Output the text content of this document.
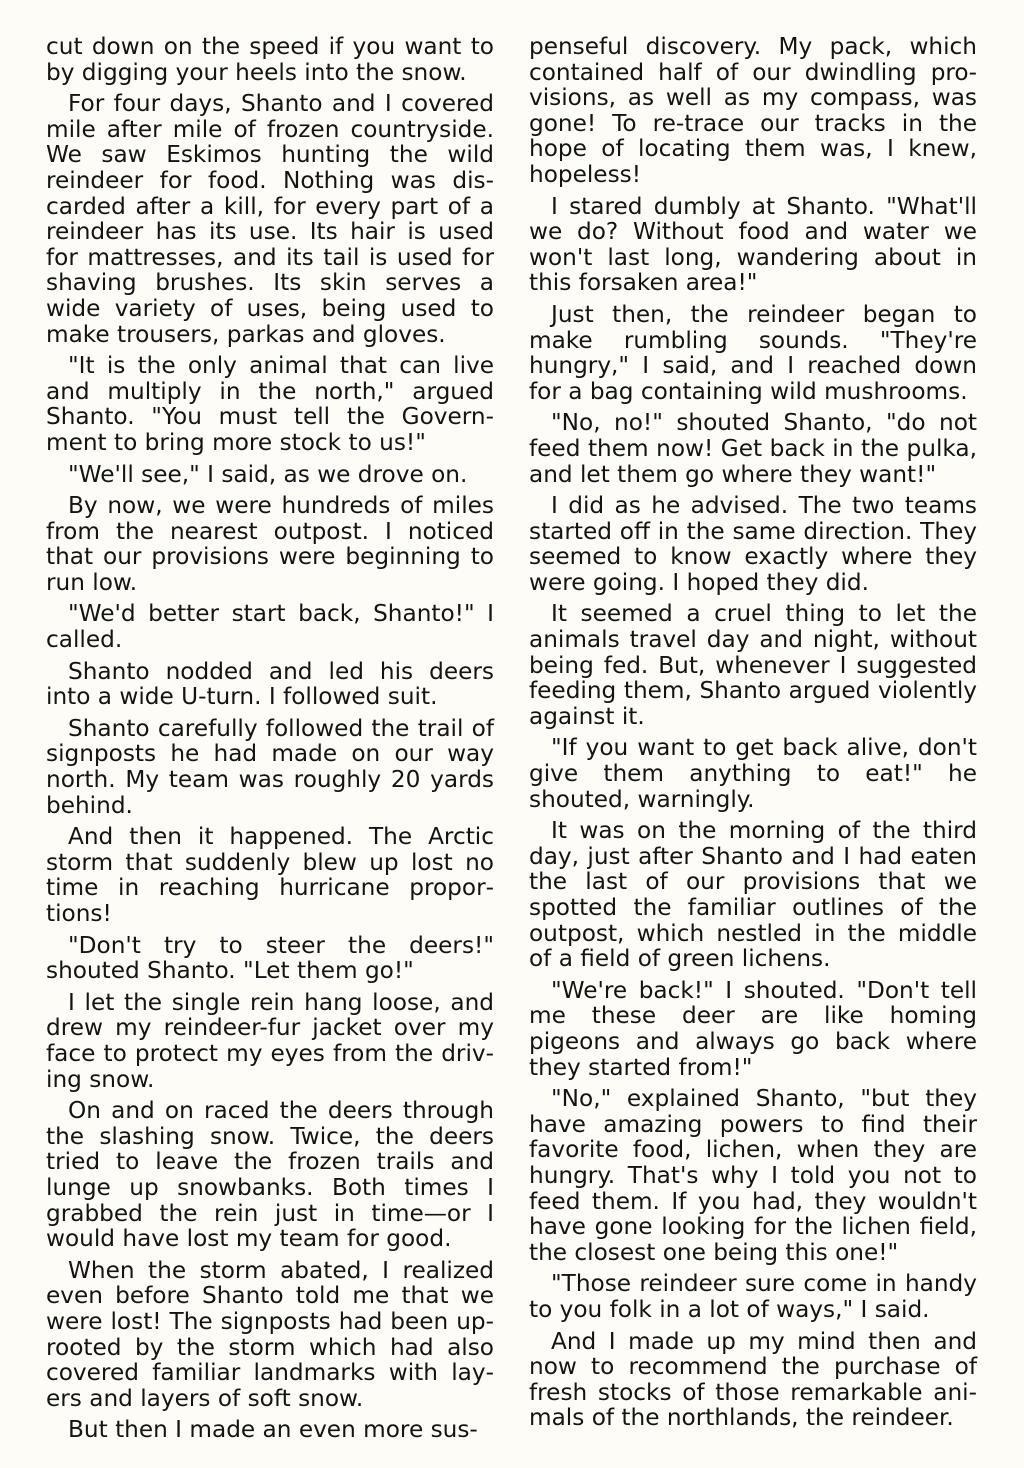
cut down on the speed if you want to by digging your heels into the snow.

For four days, Shanto and I covered mile after mile of frozen countryside. We saw Eskimos hunting the wild reindeer for food. Nothing was discarded after a kill, for every part of a reindeer has its use. Its hair is used for mattresses, and its tail is used for shaving brushes. Its skin serves a wide variety of uses, being used to make trousers, parkas and gloves.

"It is the only animal that can live and multiply in the north," argued Shanto. "You must tell the Government to bring more stock to us!"

"We'll see," I said, as we drove on.

By now, we were hundreds of miles from the nearest outpost. I noticed that our provisions were beginning to run low.

"We'd better start back, Shanto!" I called.

Shanto nodded and led his deers into a wide U-turn. I followed suit.

Shanto carefully followed the trail of signposts he had made on our way north. My team was roughly 20 yards behind.

And then it happened. The Arctic storm that suddenly blew up lost no time in reaching hurricane proportions!

"Don't try to steer the deers!" shouted Shanto. "Let them go!"

I let the single rein hang loose, and drew my reindeer-fur jacket over my face to protect my eyes from the driving snow.

On and on raced the deers through the slashing snow. Twice, the deers tried to leave the frozen trails and lunge up snowbanks. Both times I grabbed the rein just in time—or I would have lost my team for good.

When the storm abated, I realized even before Shanto told me that we were lost! The signposts had been uprooted by the storm which had also covered familiar landmarks with layers and layers of soft snow.

But then I made an even more sus-

penseful discovery. My pack, which contained half of our dwindling provisions, as well as my compass, was gone! To re-trace our tracks in the hope of locating them was, I knew, hopeless!

I stared dumbly at Shanto. "What'll we do? Without food and water we won't last long, wandering about in this forsaken area!"

Just then, the reindeer began to make rumbling sounds. "They're hungry," I said, and I reached down for a bag containing wild mushrooms.

"No, no!" shouted Shanto, "do not feed them now! Get back in the pulka, and let them go where they want!"

I did as he advised. The two teams started off in the same direction. They seemed to know exactly where they were going. I hoped they did.

It seemed a cruel thing to let the animals travel day and night, without being fed. But, whenever I suggested feeding them, Shanto argued violently against it.

"If you want to get back alive, don't give them anything to eat!" he shouted, warningly.

It was on the morning of the third day, just after Shanto and I had eaten the last of our provisions that we spotted the familiar outlines of the outpost, which nestled in the middle of a field of green lichens.

"We're back!" I shouted. "Don't tell me these deer are like homing pigeons and always go back where they started from!"

"No," explained Shanto, "but they have amazing powers to find their favorite food, lichen, when they are hungry. That's why I told you not to feed them. If you had, they wouldn't have gone looking for the lichen field, the closest one being this one!"

"Those reindeer sure come in handy to you folk in a lot of ways," I said.

And I made up my mind then and now to recommend the purchase of fresh stocks of those remarkable animals of the northlands, the reindeer.
